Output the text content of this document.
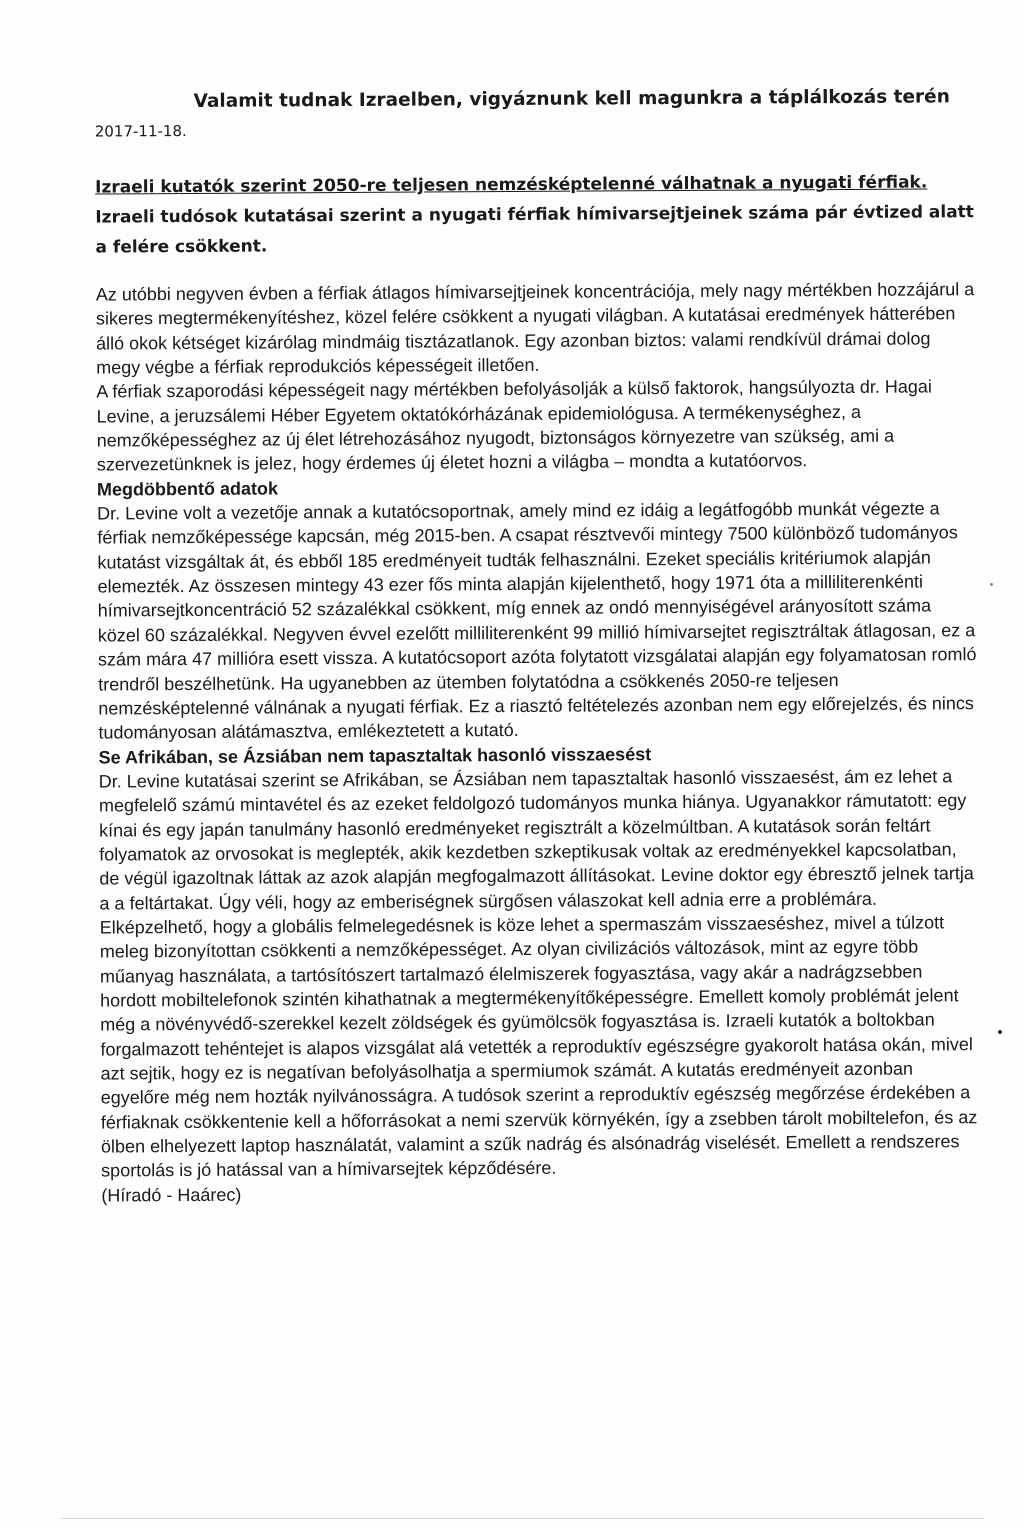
Valamit tudnak Izraelben, vigyáznunk kell magunkra a táplálkozás terén
2017-11-18.

Izraeli kutatók szerint 2050-re teljesen nemzésképtelenné válhatnak a nyugati férfiak. Izraeli tudósok kutatásai szerint a nyugati férfiak hímivarsejtjeinek száma pár évtized alatt a felére csökkent.

Az utóbbi negyven évben a férfiak átlagos hímivarsejtjeinek koncentrációja, mely nagy mértékben hozzájárul a sikeres megtermékenyítéshez, közel felére csökkent a nyugati világban. A kutatásai eredmények hátterében álló okok kétséget kizárólag mindmáig tisztázatlanok. Egy azonban biztos: valami rendkívül drámai dolog megy végbe a férfiak reprodukciós képességeit illetően.

A férfiak szaporodási képességeit nagy mértékben befolyásolják a külső faktorok, hangsúlyozta dr. Hagai Levine, a jeruzsálemi Héber Egyetem oktatókórházának epidemiológusa. A termékenységhez, a nemzőképességhez az új élet létrehozásához nyugodt, biztonságos környezetre van szükség, ami a szervezetünknek is jelez, hogy érdemes új életet hozni a világba – mondta a kutatóorvos.

Megdöbbentő adatok

Dr. Levine volt a vezetője annak a kutatócsoportnak, amely mind ez idáig a legátfogóbb munkát végezte a férfiak nemzőképessége kapcsán, még 2015-ben. A csapat résztvevői mintegy 7500 különböző tudományos kutatást vizsgáltak át, és ebből 185 eredményeit tudták felhasználni. Ezeket speciális kritériumok alapján elemezték. Az összesen mintegy 43 ezer fős minta alapján kijelenthető, hogy 1971 óta a milliliterenkénti hímivarsejtkoncentráció 52 százalékkal csökkent, míg ennek az ondó mennyiségével arányosított száma közel 60 százalékkal. Negyven évvel ezelőtt milliliterenként 99 millió hímivarsejtet regisztráltak átlagosan, ez a szám mára 47 millióra esett vissza. A kutatócsoport azóta folytatott vizsgálatai alapján egy folyamatosan romló trendről beszélhetünk. Ha ugyanebben az ütemben folytatódna a csökkenés 2050-re teljesen nemzésképtelenné válnának a nyugati férfiak. Ez a riasztó feltételezés azonban nem egy előrejelzés, és nincs tudományosan alátámasztva, emlékeztetett a kutató.

Se Afrikában, se Ázsiában nem tapasztaltak hasonló visszaesést

Dr. Levine kutatásai szerint se Afrikában, se Ázsiában nem tapasztaltak hasonló visszaesést, ám ez lehet a megfelelő számú mintavétel és az ezeket feldolgozó tudományos munka hiánya. Ugyanakkor rámutatott: egy kínai és egy japán tanulmány hasonló eredményeket regisztrált a közelmúltban. A kutatások során feltárt folyamatok az orvosokat is meglepték, akik kezdetben szkeptikusak voltak az eredményekkel kapcsolatban, de végül igazoltnak láttak az azok alapján megfogalmazott állításokat. Levine doktor egy ébresztő jelnek tartja a a feltártakat. Úgy véli, hogy az emberiségnek sürgősen válaszokat kell adnia erre a problémára. Elképzelhető, hogy a globális felmelegedésnek is köze lehet a spermaszám visszaeséshez, mivel a túlzott meleg bizonyítottan csökkenti a nemzőképességet. Az olyan civilizációs változások, mint az egyre több műanyag használata, a tartósítószert tartalmazó élelmiszerek fogyasztása, vagy akár a nadrágzsebben hordott mobiltelefonok szintén kihathatnak a megtermékenyítőképességre. Emellett komoly problémát jelent még a növényvédő-szerekkel kezelt zöldségek és gyümölcsök fogyasztása is. Izraeli kutatók a boltokban forgalmazott tehéntejet is alapos vizsgálat alá vetették a reproduktív egészségre gyakorolt hatása okán, mivel azt sejtik, hogy ez is negatívan befolyásolhatja a spermiumok számát. A kutatás eredményeit azonban egyelőre még nem hozták nyilvánosságra. A tudósok szerint a reproduktív egészség megőrzése érdekében a férfiaknak csökkentenie kell a hőforrásokat a nemi szervük környékén, így a zsebben tárolt mobiltelefon, és az ölben elhelyezett laptop használatát, valamint a szűk nadrág és alsónadrág viselését. Emellett a rendszeres sportolás is jó hatással van a hímivarsejtek képződésére.

(Híradó - Haárec)
